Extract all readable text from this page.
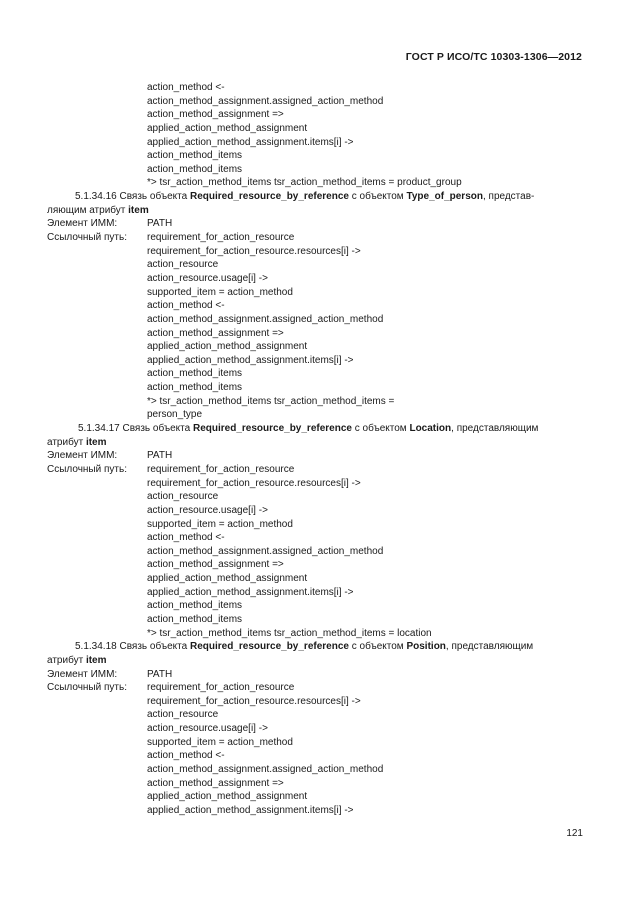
ГОСТ Р ИСО/ТС 10303-1306—2012
action_method <-
action_method_assignment.assigned_action_method
action_method_assignment =>
applied_action_method_assignment
applied_action_method_assignment.items[i] ->
action_method_items
action_method_items
*> tsr_action_method_items tsr_action_method_items = product_group
5.1.34.16 Связь объекта Required_resource_by_reference с объектом Type_of_person, представ-
ляющим атрибут item
Элемент ИММ:	PATH
Ссылочный путь: requirement_for_action_resource
requirement_for_action_resource.resources[i] ->
action_resource
action_resource.usage[i] ->
supported_item = action_method
action_method <-
action_method_assignment.assigned_action_method
action_method_assignment =>
applied_action_method_assignment
applied_action_method_assignment.items[i] ->
action_method_items
action_method_items
*> tsr_action_method_items tsr_action_method_items =
person_type
5.1.34.17 Связь объекта Required_resource_by_reference с объектом Location, представляющим
атрибут item
Элемент ИММ:	PATH
Ссылочный путь: requirement_for_action_resource
requirement_for_action_resource.resources[i] ->
action_resource
action_resource.usage[i] ->
supported_item = action_method
action_method <-
action_method_assignment.assigned_action_method
action_method_assignment =>
applied_action_method_assignment
applied_action_method_assignment.items[i] ->
action_method_items
action_method_items
*> tsr_action_method_items tsr_action_method_items = location
5.1.34.18 Связь объекта Required_resource_by_reference с объектом Position, представляющим
атрибут item
Элемент ИММ:	PATH
Ссылочный путь: requirement_for_action_resource
requirement_for_action_resource.resources[i] ->
action_resource
action_resource.usage[i] ->
supported_item = action_method
action_method <-
action_method_assignment.assigned_action_method
action_method_assignment =>
applied_action_method_assignment
applied_action_method_assignment.items[i] ->
121
